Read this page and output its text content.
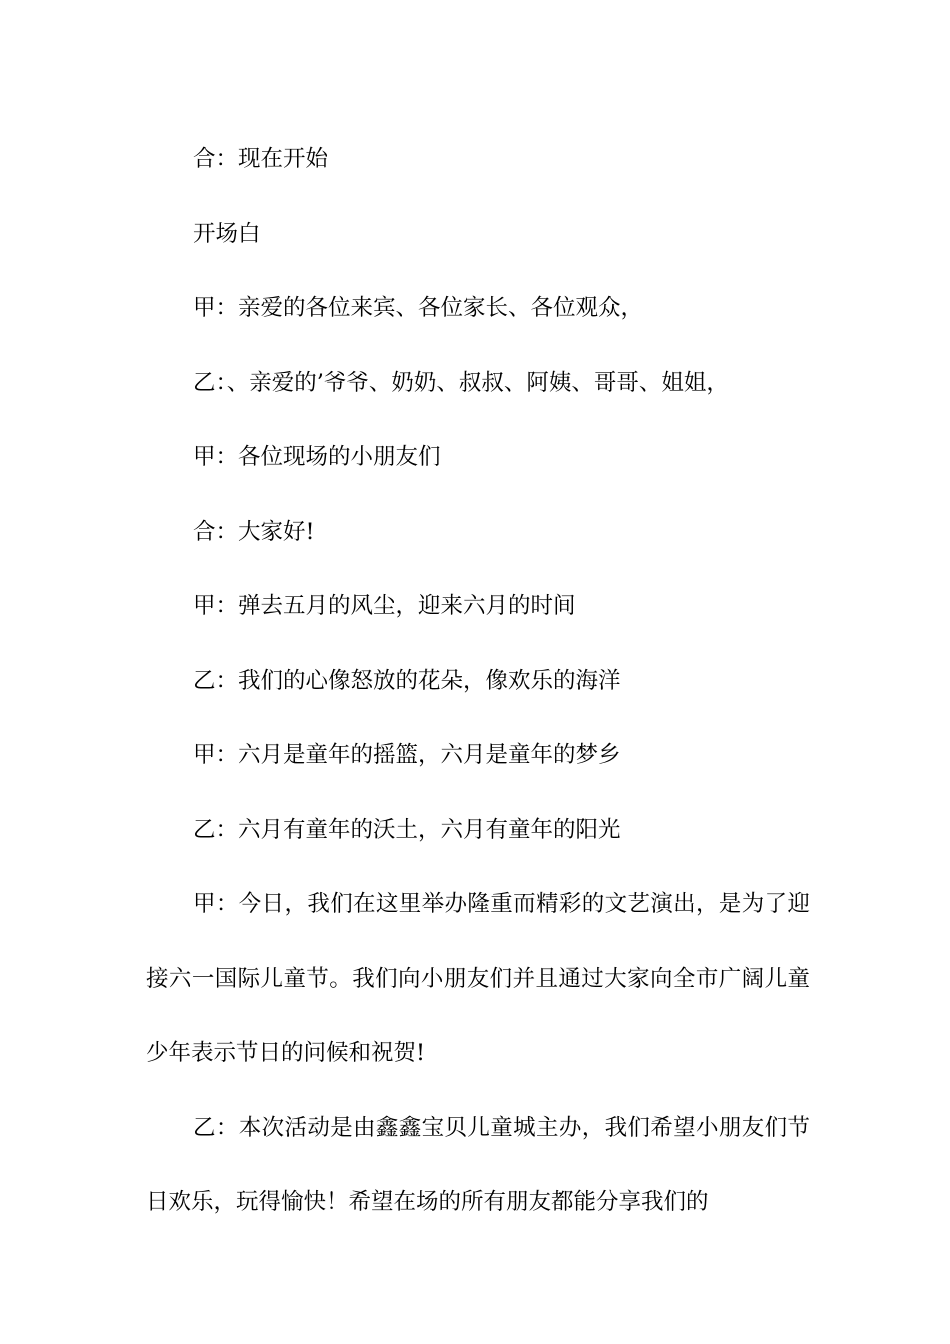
合：现在开始

开场白

甲：亲爱的各位来宾、各位家长、各位观众，

乙：、亲爱的’爷爷、奶奶、叔叔、阿姨、哥哥、姐姐，

甲：各位现场的小朋友们

合：大家好!

甲：弹去五月的风尘，迎来六月的时间

乙：我们的心像怒放的花朵，像欢乐的海洋

甲：六月是童年的摇篮，六月是童年的梦乡

乙：六月有童年的沃土，六月有童年的阳光

甲：今日，我们在这里举办隆重而精彩的文艺演出，是为了迎接六一国际儿童节。我们向小朋友们并且通过大家向全市广阔儿童少年表示节日的问候和祝贺!

乙：本次活动是由鑫鑫宝贝儿童城主办，我们希望小朋友们节日欢乐，玩得愉快！希望在场的所有朋友都能分享我们的
